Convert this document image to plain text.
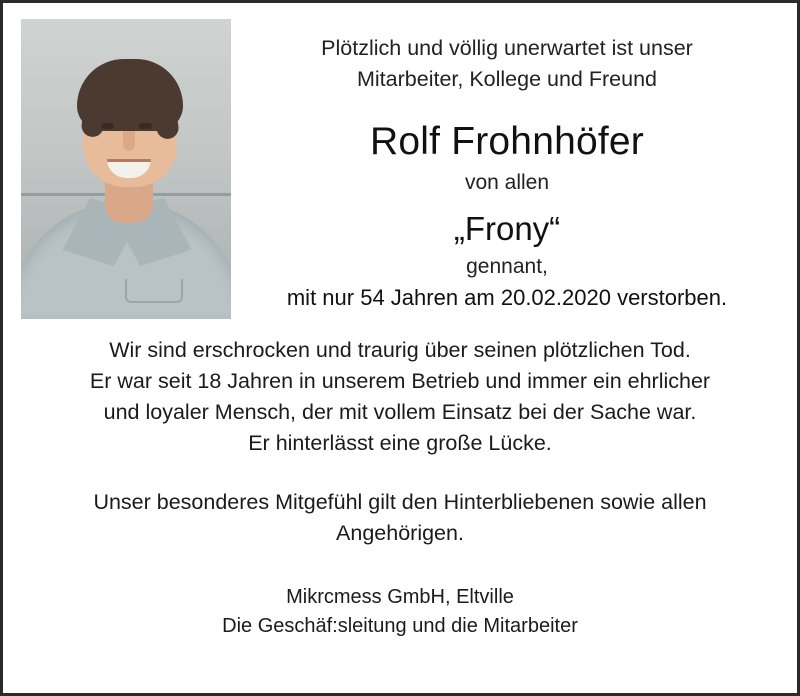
Plötzlich und völlig unerwartet ist unser
Mitarbeiter, Kollege und Freund
Rolf Frohnhöfer
von allen
„Frony“
gennant,
mit nur 54 Jahren am 20.02.2020 verstorben.
Wir sind erschrocken und traurig über seinen plötzlichen Tod.
Er war seit 18 Jahren in unserem Betrieb und immer ein ehrlicher
und loyaler Mensch, der mit vollem Einsatz bei der Sache war.
Er hinterlässt eine große Lücke.
Unser besonderes Mitgefühl gilt den Hinterbliebenen sowie allen
Angehörigen.
Mikrcmess GmbH, Eltville
Die Geschäf:sleitung und die Mitarbeiter
